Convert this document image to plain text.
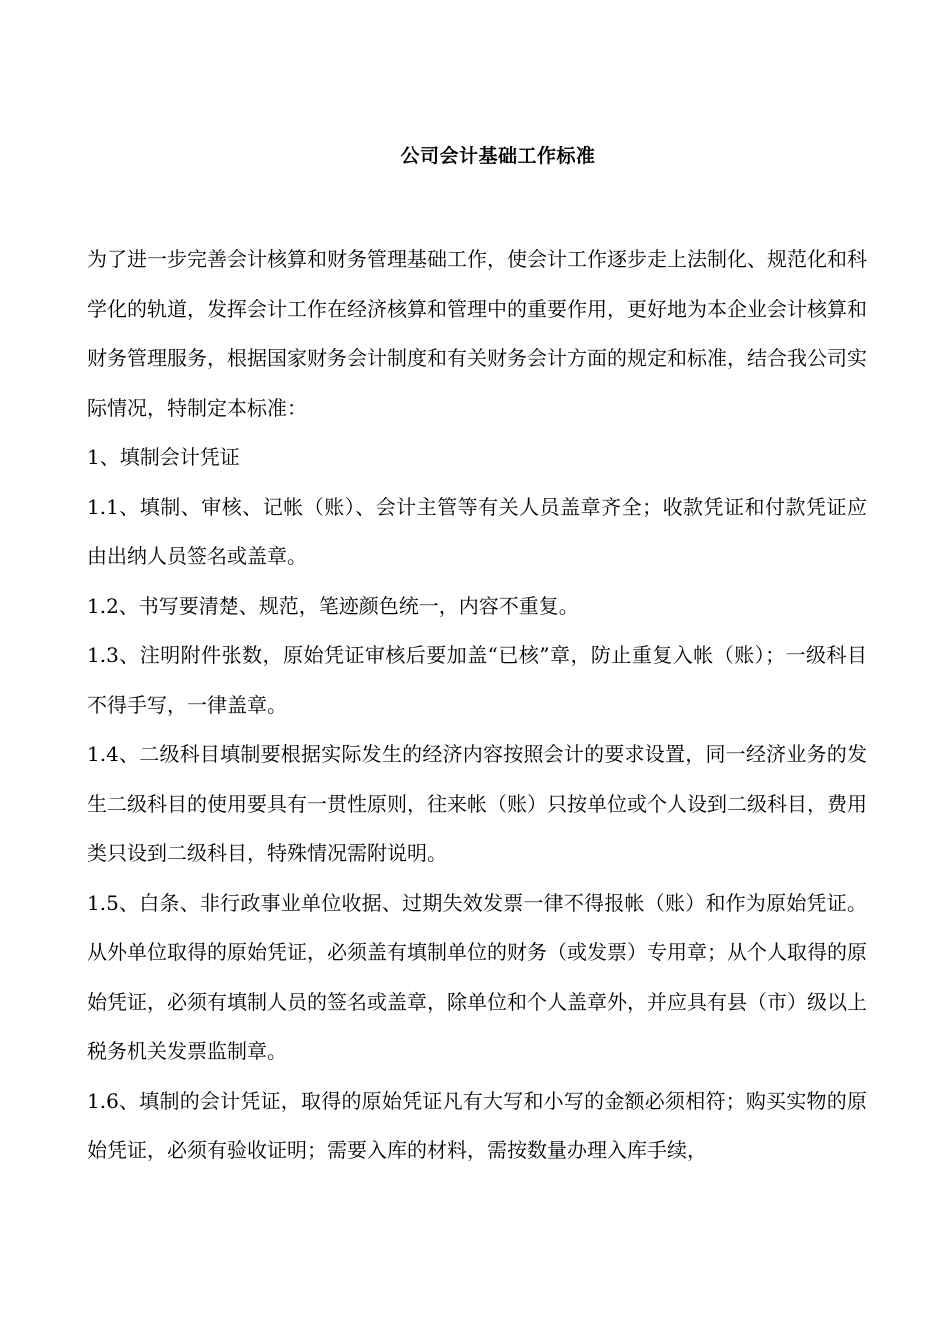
公司会计基础工作标准

为了进一步完善会计核算和财务管理基础工作，使会计工作逐步走上法制化、规范化和科学化的轨道，发挥会计工作在经济核算和管理中的重要作用，更好地为本企业会计核算和财务管理服务，根据国家财务会计制度和有关财务会计方面的规定和标准，结合我公司实际情况，特制定本标准：

1、填制会计凭证

1.1、填制、审核、记帐（账）、会计主管等有关人员盖章齐全；收款凭证和付款凭证应由出纳人员签名或盖章。

1.2、书写要清楚、规范，笔迹颜色统一，内容不重复。

1.3、注明附件张数，原始凭证审核后要加盖“已核”章，防止重复入帐（账）；一级科目不得手写，一律盖章。

1.4、二级科目填制要根据实际发生的经济内容按照会计的要求设置，同一经济业务的发生二级科目的使用要具有一贯性原则，往来帐（账）只按单位或个人设到二级科目，费用类只设到二级科目，特殊情况需附说明。

1.5、白条、非行政事业单位收据、过期失效发票一律不得报帐（账）和作为原始凭证。从外单位取得的原始凭证，必须盖有填制单位的财务（或发票）专用章；从个人取得的原始凭证，必须有填制人员的签名或盖章，除单位和个人盖章外，并应具有县（市）级以上税务机关发票监制章。

1.6、填制的会计凭证，取得的原始凭证凡有大写和小写的金额必须相符；购买实物的原始凭证，必须有验收证明；需要入库的材料，需按数量办理入库手续，
